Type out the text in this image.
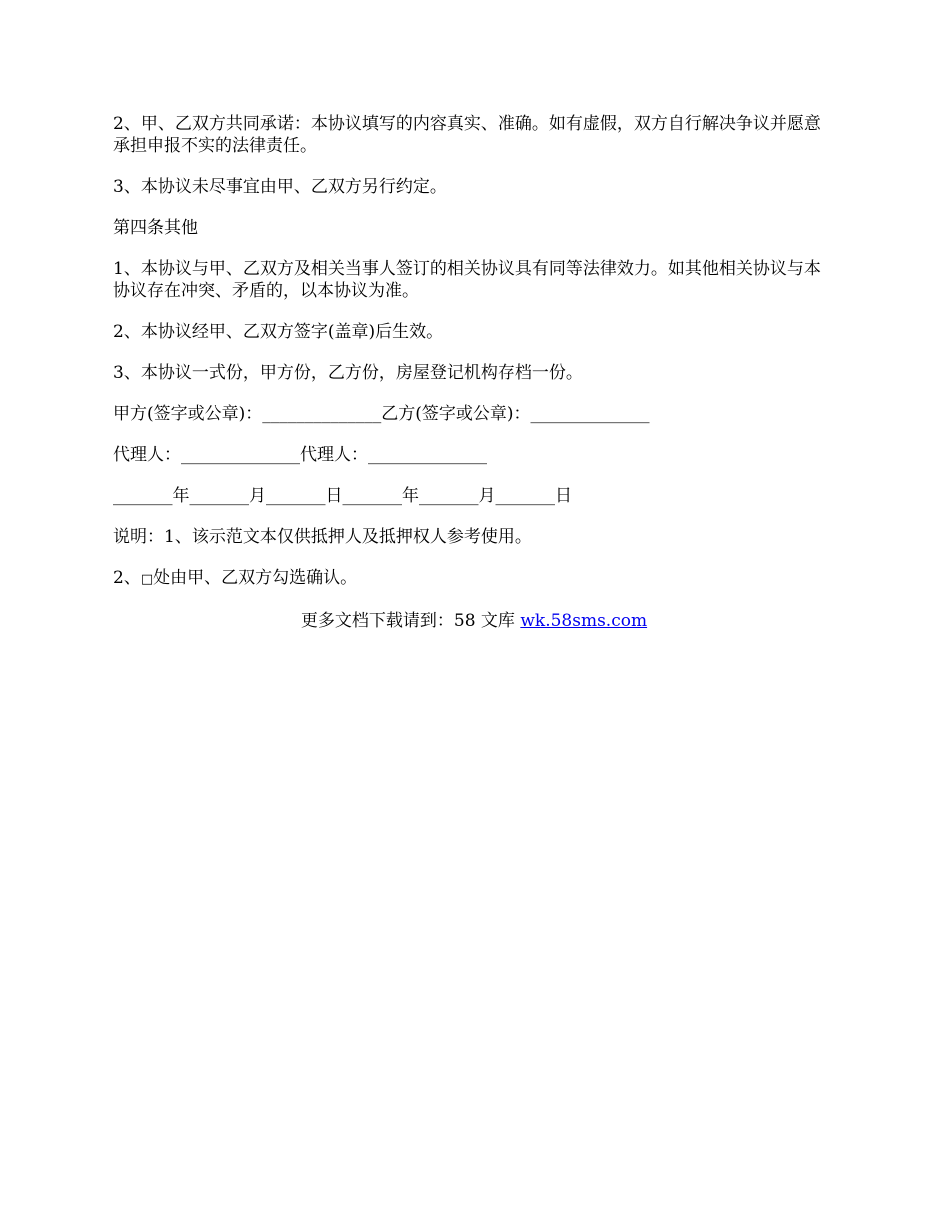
2、甲、乙双方共同承诺：本协议填写的内容真实、准确。如有虚假，双方自行解决争议并愿意承担申报不实的法律责任。

3、本协议未尽事宜由甲、乙双方另行约定。

第四条其他

1、本协议与甲、乙双方及相关当事人签订的相关协议具有同等法律效力。如其他相关协议与本协议存在冲突、矛盾的，以本协议为准。

2、本协议经甲、乙双方签字(盖章)后生效。

3、本协议一式份，甲方份，乙方份，房屋登记机构存档一份。

甲方(签字或公章)：______________乙方(签字或公章)：______________

代理人：______________代理人：______________

_______年_______月_______日_______年_______月_______日

说明：1、该示范文本仅供抵押人及抵押权人参考使用。

2、□处由甲、乙双方勾选确认。

更多文档下载请到：58 文库 wk.58sms.com
